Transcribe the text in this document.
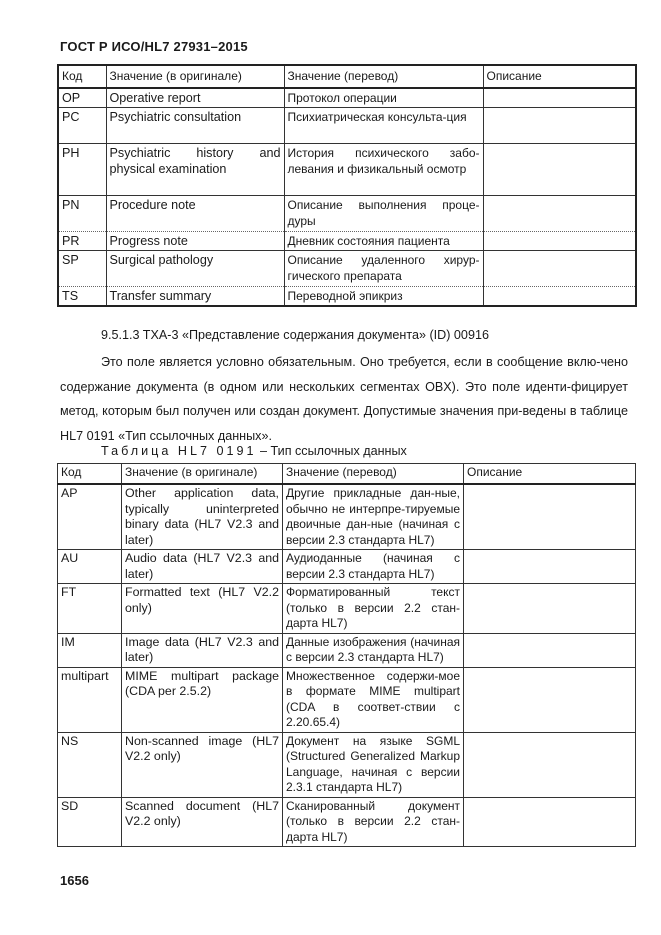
ГОСТ Р ИСО/HL7 27931–2015
Код	Значение (в оригинале)	Значение (перевод)	Описание
OP	Operative report	Протокол операции	
PC	Psychiatric consultation	Психиатрическая консульта-ция	
PH	Psychiatric history and physical examination	История психического забо-левания и физикальный осмотр	
PN	Procedure note	Описание выполнения проце-дуры	
PR	Progress note	Дневник состояния пациента	
SP	Surgical pathology	Описание удаленного хирур-гического препарата	
TS	Transfer summary	Переводной эпикриз	
9.5.1.3 TXA-3 «Представление содержания документа» (ID) 00916

Это поле является условно обязательным. Оно требуется, если в сообщение вклю-чено содержание документа (в одном или нескольких сегментах OBX). Это поле иденти-фицирует метод, которым был получен или создан документ. Допустимые значения при-ведены в таблице HL7 0191 «Тип ссылочных данных».

Таблица HL7 0191 – Тип ссылочных данных
Код	Значение (в оригинале)	Значение (перевод)	Описание
AP	Other application data, typically uninterpreted binary data (HL7 V2.3 and later)	Другие прикладные дан-ные, обычно не интерпре-тируемые двоичные дан-ные (начиная с версии 2.3 стандарта HL7)	
AU	Audio data (HL7 V2.3 and later)	Аудиоданные (начиная с версии 2.3 стандарта HL7)	
FT	Formatted text (HL7 V2.2 only)	Форматированный текст (только в версии 2.2 стан-дарта HL7)	
IM	Image data (HL7 V2.3 and later)	Данные изображения (начиная с версии 2.3 стандарта HL7)	
multipart	MIME multipart package (CDA per 2.5.2)	Множественное содержи-мое в формате MIME multipart (CDA в соответ-ствии с 2.20.65.4)	
NS	Non-scanned image (HL7 V2.2 only)	Документ на языке SGML (Structured Generalized Markup Language, начиная с версии 2.3.1 стандарта HL7)	
SD	Scanned document (HL7 V2.2 only)	Сканированный документ (только в версии 2.2 стан-дарта HL7)	
1656
